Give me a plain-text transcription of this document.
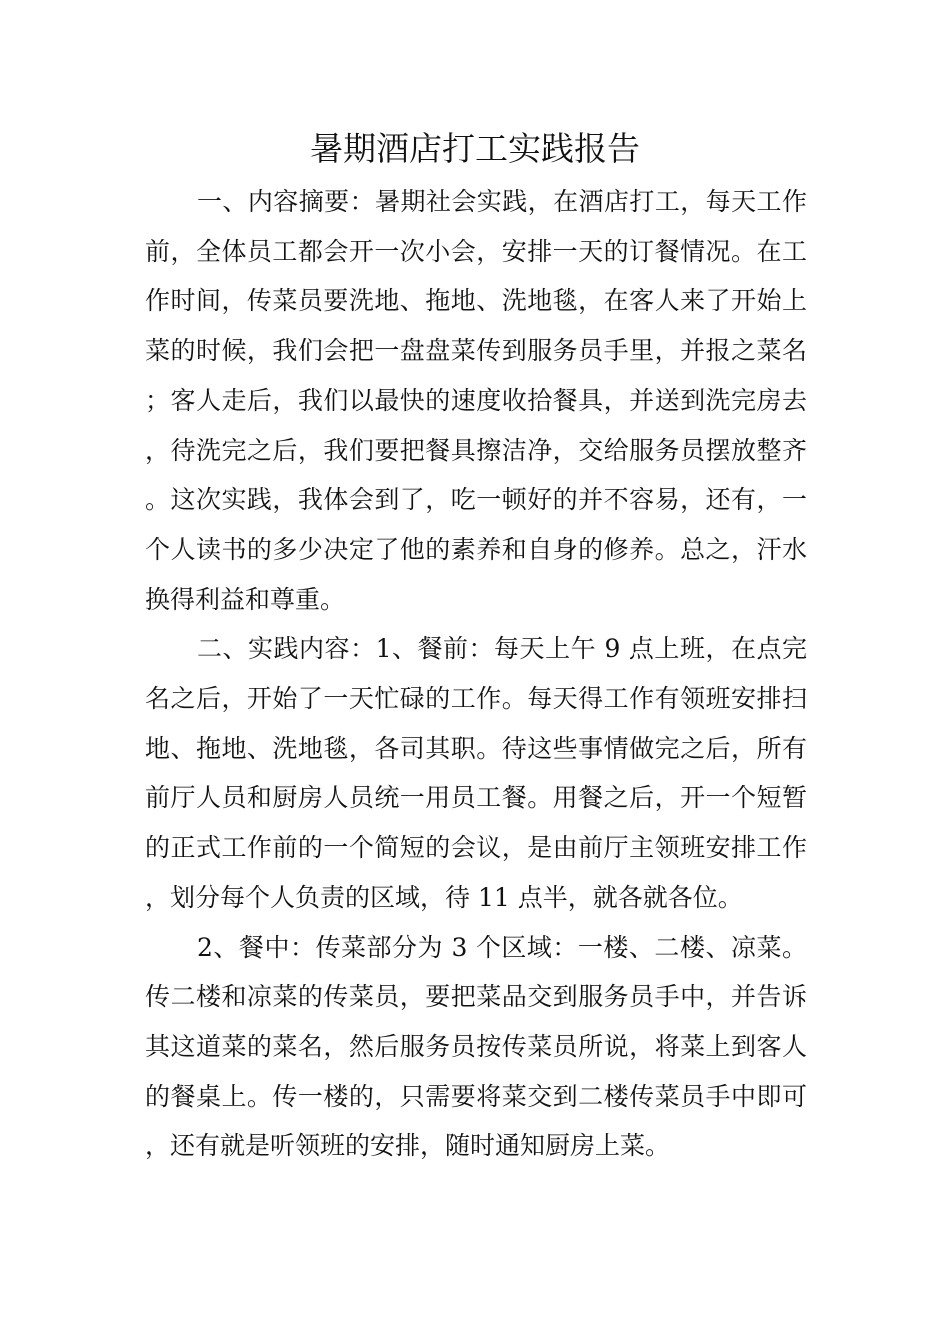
暑期酒店打工实践报告

一、内容摘要：暑期社会实践，在酒店打工，每天工作前，全体员工都会开一次小会，安排一天的订餐情况。在工作时间，传菜员要洗地、拖地、洗地毯，在客人来了开始上菜的时候，我们会把一盘盘菜传到服务员手里，并报之菜名；客人走后，我们以最快的速度收拾餐具，并送到洗完房去，待洗完之后，我们要把餐具擦洁净，交给服务员摆放整齐。这次实践，我体会到了，吃一顿好的并不容易，还有，一个人读书的多少决定了他的素养和自身的修养。总之，汗水换得利益和尊重。

二、实践内容：1、餐前：每天上午 9 点上班，在点完名之后，开始了一天忙碌的工作。每天得工作有领班安排扫地、拖地、洗地毯，各司其职。待这些事情做完之后，所有前厅人员和厨房人员统一用员工餐。用餐之后，开一个短暂的正式工作前的一个简短的会议，是由前厅主领班安排工作，划分每个人负责的区域，待 11 点半，就各就各位。

2、餐中：传菜部分为 3 个区域：一楼、二楼、凉菜。传二楼和凉菜的传菜员，要把菜品交到服务员手中，并告诉其这道菜的菜名，然后服务员按传菜员所说，将菜上到客人的餐桌上。传一楼的，只需要将菜交到二楼传菜员手中即可，还有就是听领班的安排，随时通知厨房上菜。
